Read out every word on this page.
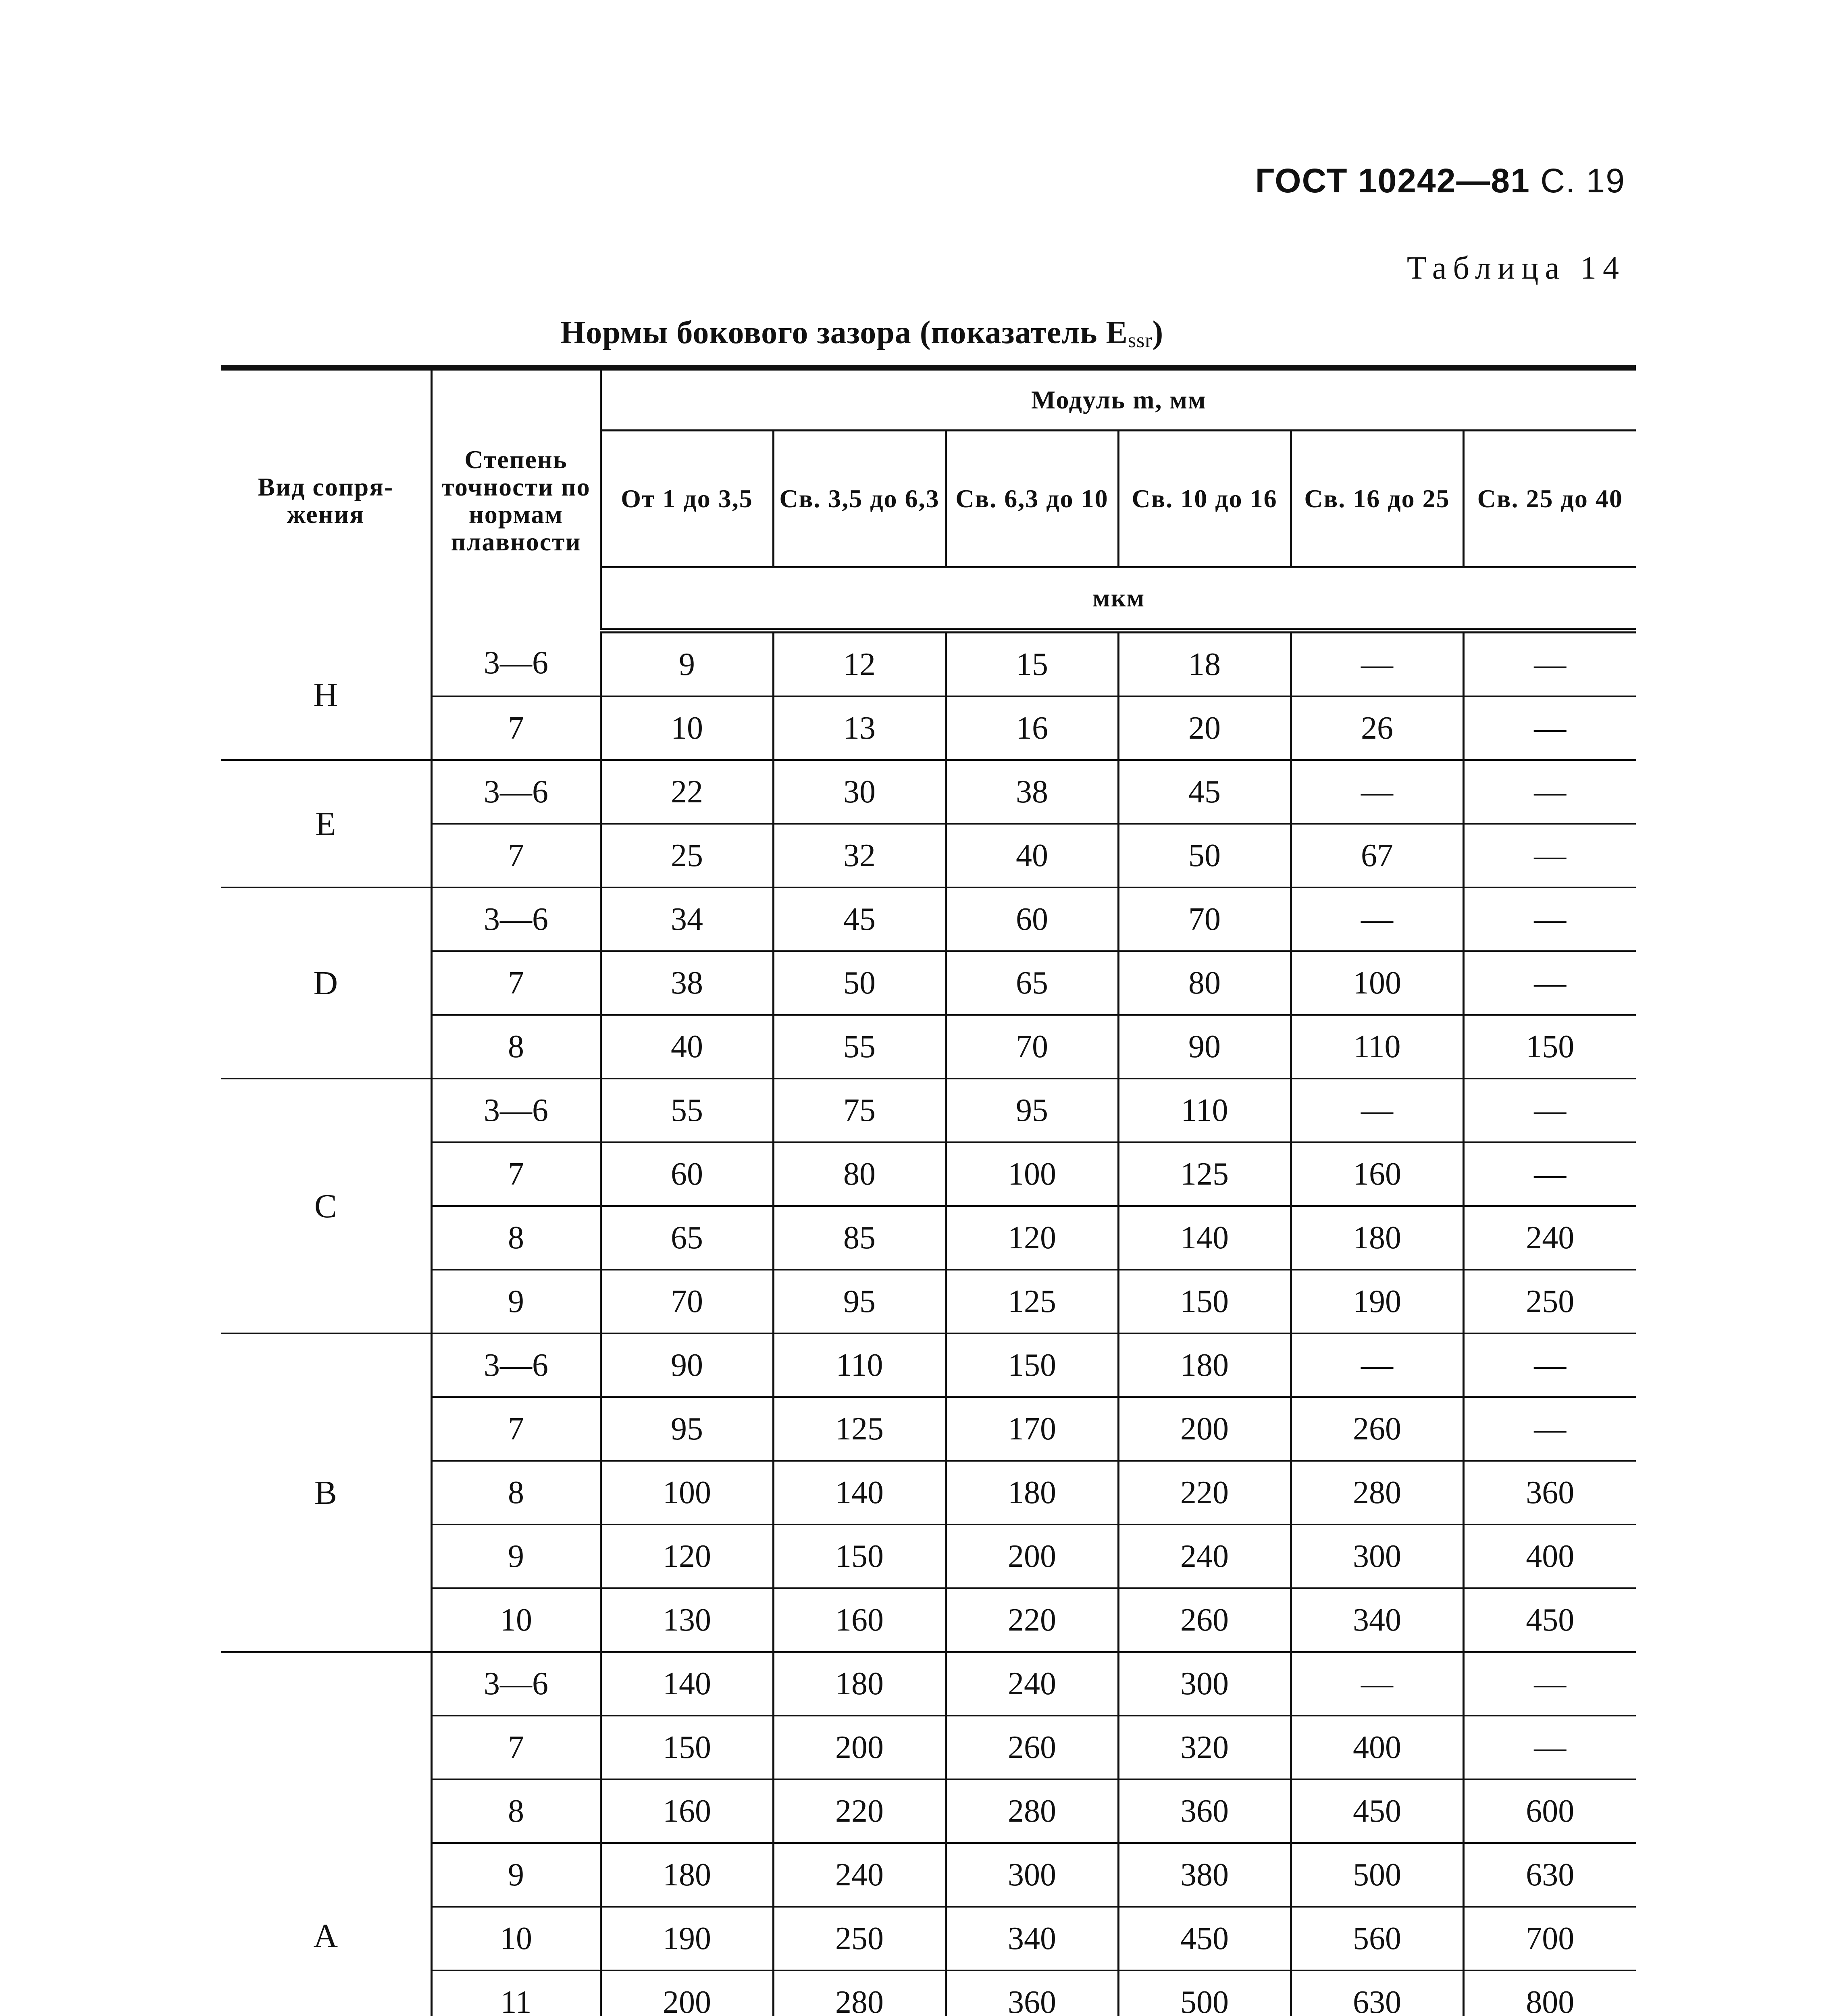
ГОСТ 10242—81 С. 19
Таблица 14
Нормы бокового зазора (показатель $E_{ssr}$)
Вид сопря-жения	Степень точности по нормам плавности	Модуль m, мм					
		От 1 до 3,5	Св. 3,5 до 6,3	Св. 6,3 до 10	Св. 10 до 16	Св. 16 до 25	Св. 25 до 40
		мкм					
H	3—6	9	12	15	18	—	—
	7	10	13	16	20	26	—
E	3—6	22	30	38	45	—	—
	7	25	32	40	50	67	—
D	3—6	34	45	60	70	—	—
	7	38	50	65	80	100	—
	8	40	55	70	90	110	150
C	3—6	55	75	95	110	—	—
	7	60	80	100	125	160	—
	8	65	85	120	140	180	240
	9	70	95	125	150	190	250
B	3—6	90	110	150	180	—	—
	7	95	125	170	200	260	—
	8	100	140	180	220	280	360
	9	120	150	200	240	300	400
	10	130	160	220	260	340	450
A	3—6	140	180	240	300	—	—
	7	150	200	260	320	400	—
	8	160	220	280	360	450	600
	9	180	240	300	380	500	630
	10	190	250	340	450	560	700
	11	200	280	360	500	630	800
